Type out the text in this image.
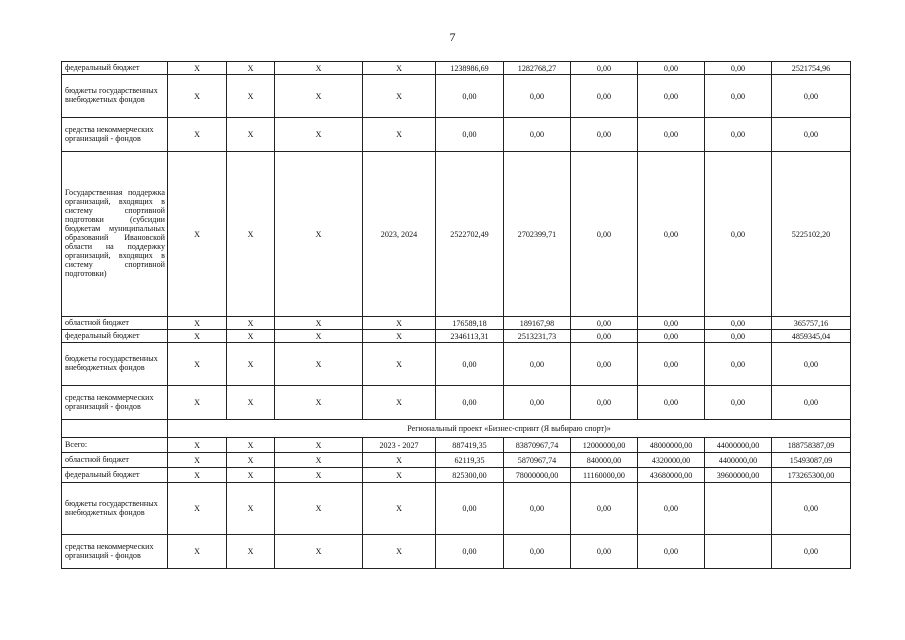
7
федеральный бюджет	Х	Х	Х	Х	1238986,69	1282768,27	0,00	0,00	0,00	2521754,96
бюджеты государственных внебюджетных фондов	Х	Х	Х	Х	0,00	0,00	0,00	0,00	0,00	0,00
средства некоммерческих организаций - фондов	Х	Х	Х	Х	0,00	0,00	0,00	0,00	0,00	0,00
Государственная поддержка организаций, входящих в систему спортивной подготовки (субсидии бюджетам муниципальных образований Ивановской области на поддержку организаций, входящих в систему спортивной подготовки)	Х	Х	Х	2023, 2024	2522702,49	2702399,71	0,00	0,00	0,00	5225102,20
областной бюджет	Х	Х	Х	Х	176589,18	189167,98	0,00	0,00	0,00	365757,16
федеральный бюджет	Х	Х	Х	Х	2346113,31	2513231,73	0,00	0,00	0,00	4859345,04
бюджеты государственных внебюджетных фондов	Х	Х	Х	Х	0,00	0,00	0,00	0,00	0,00	0,00
средства некоммерческих организаций - фондов	Х	Х	Х	Х	0,00	0,00	0,00	0,00	0,00	0,00
	Региональный проект «Бизнес-спринт (Я выбираю спорт)»									
Всего:	Х	Х	Х	2023 - 2027	887419,35	83870967,74	12000000,00	48000000,00	44000000,00	188758387,09
областной бюджет	Х	Х	Х	Х	62119,35	5870967,74	840000,00	4320000,00	4400000,00	15493087,09
федеральный бюджет	Х	Х	Х	Х	825300,00	78000000,00	11160000,00	43680000,00	39600000,00	173265300,00
бюджеты государственных внебюджетных фондов	Х	Х	Х	Х	0,00	0,00	0,00	0,00		0,00
средства некоммерческих организаций - фондов	Х	Х	Х	Х	0,00	0,00	0,00	0,00		0,00
